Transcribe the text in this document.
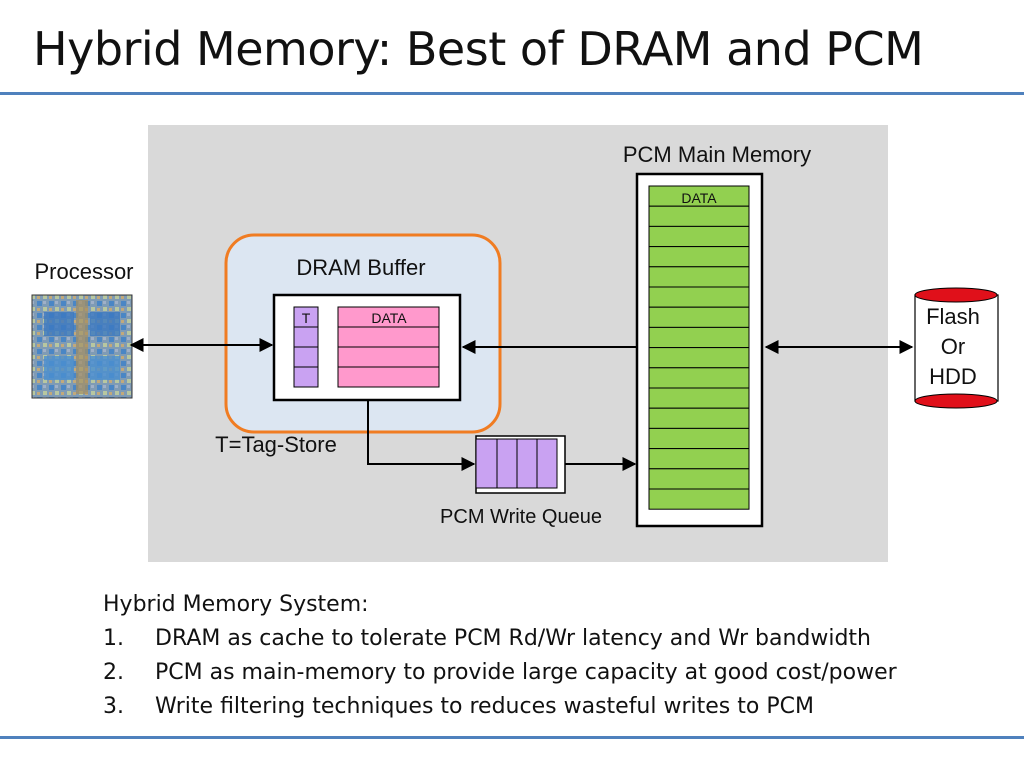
Hybrid Memory: Best of DRAM and PCM
Processor	DRAM Buffer
T	DATA
T=Tag-Store
PCM Main Memory
DATA
PCM Write Queue
Flash
Or
HDD
Hybrid Memory System:
1.	DRAM as cache to tolerate PCM Rd/Wr latency and Wr bandwidth
2.	PCM as main-memory to provide large capacity at good cost/power
3.	Write filtering techniques to reduces wasteful writes to PCM
